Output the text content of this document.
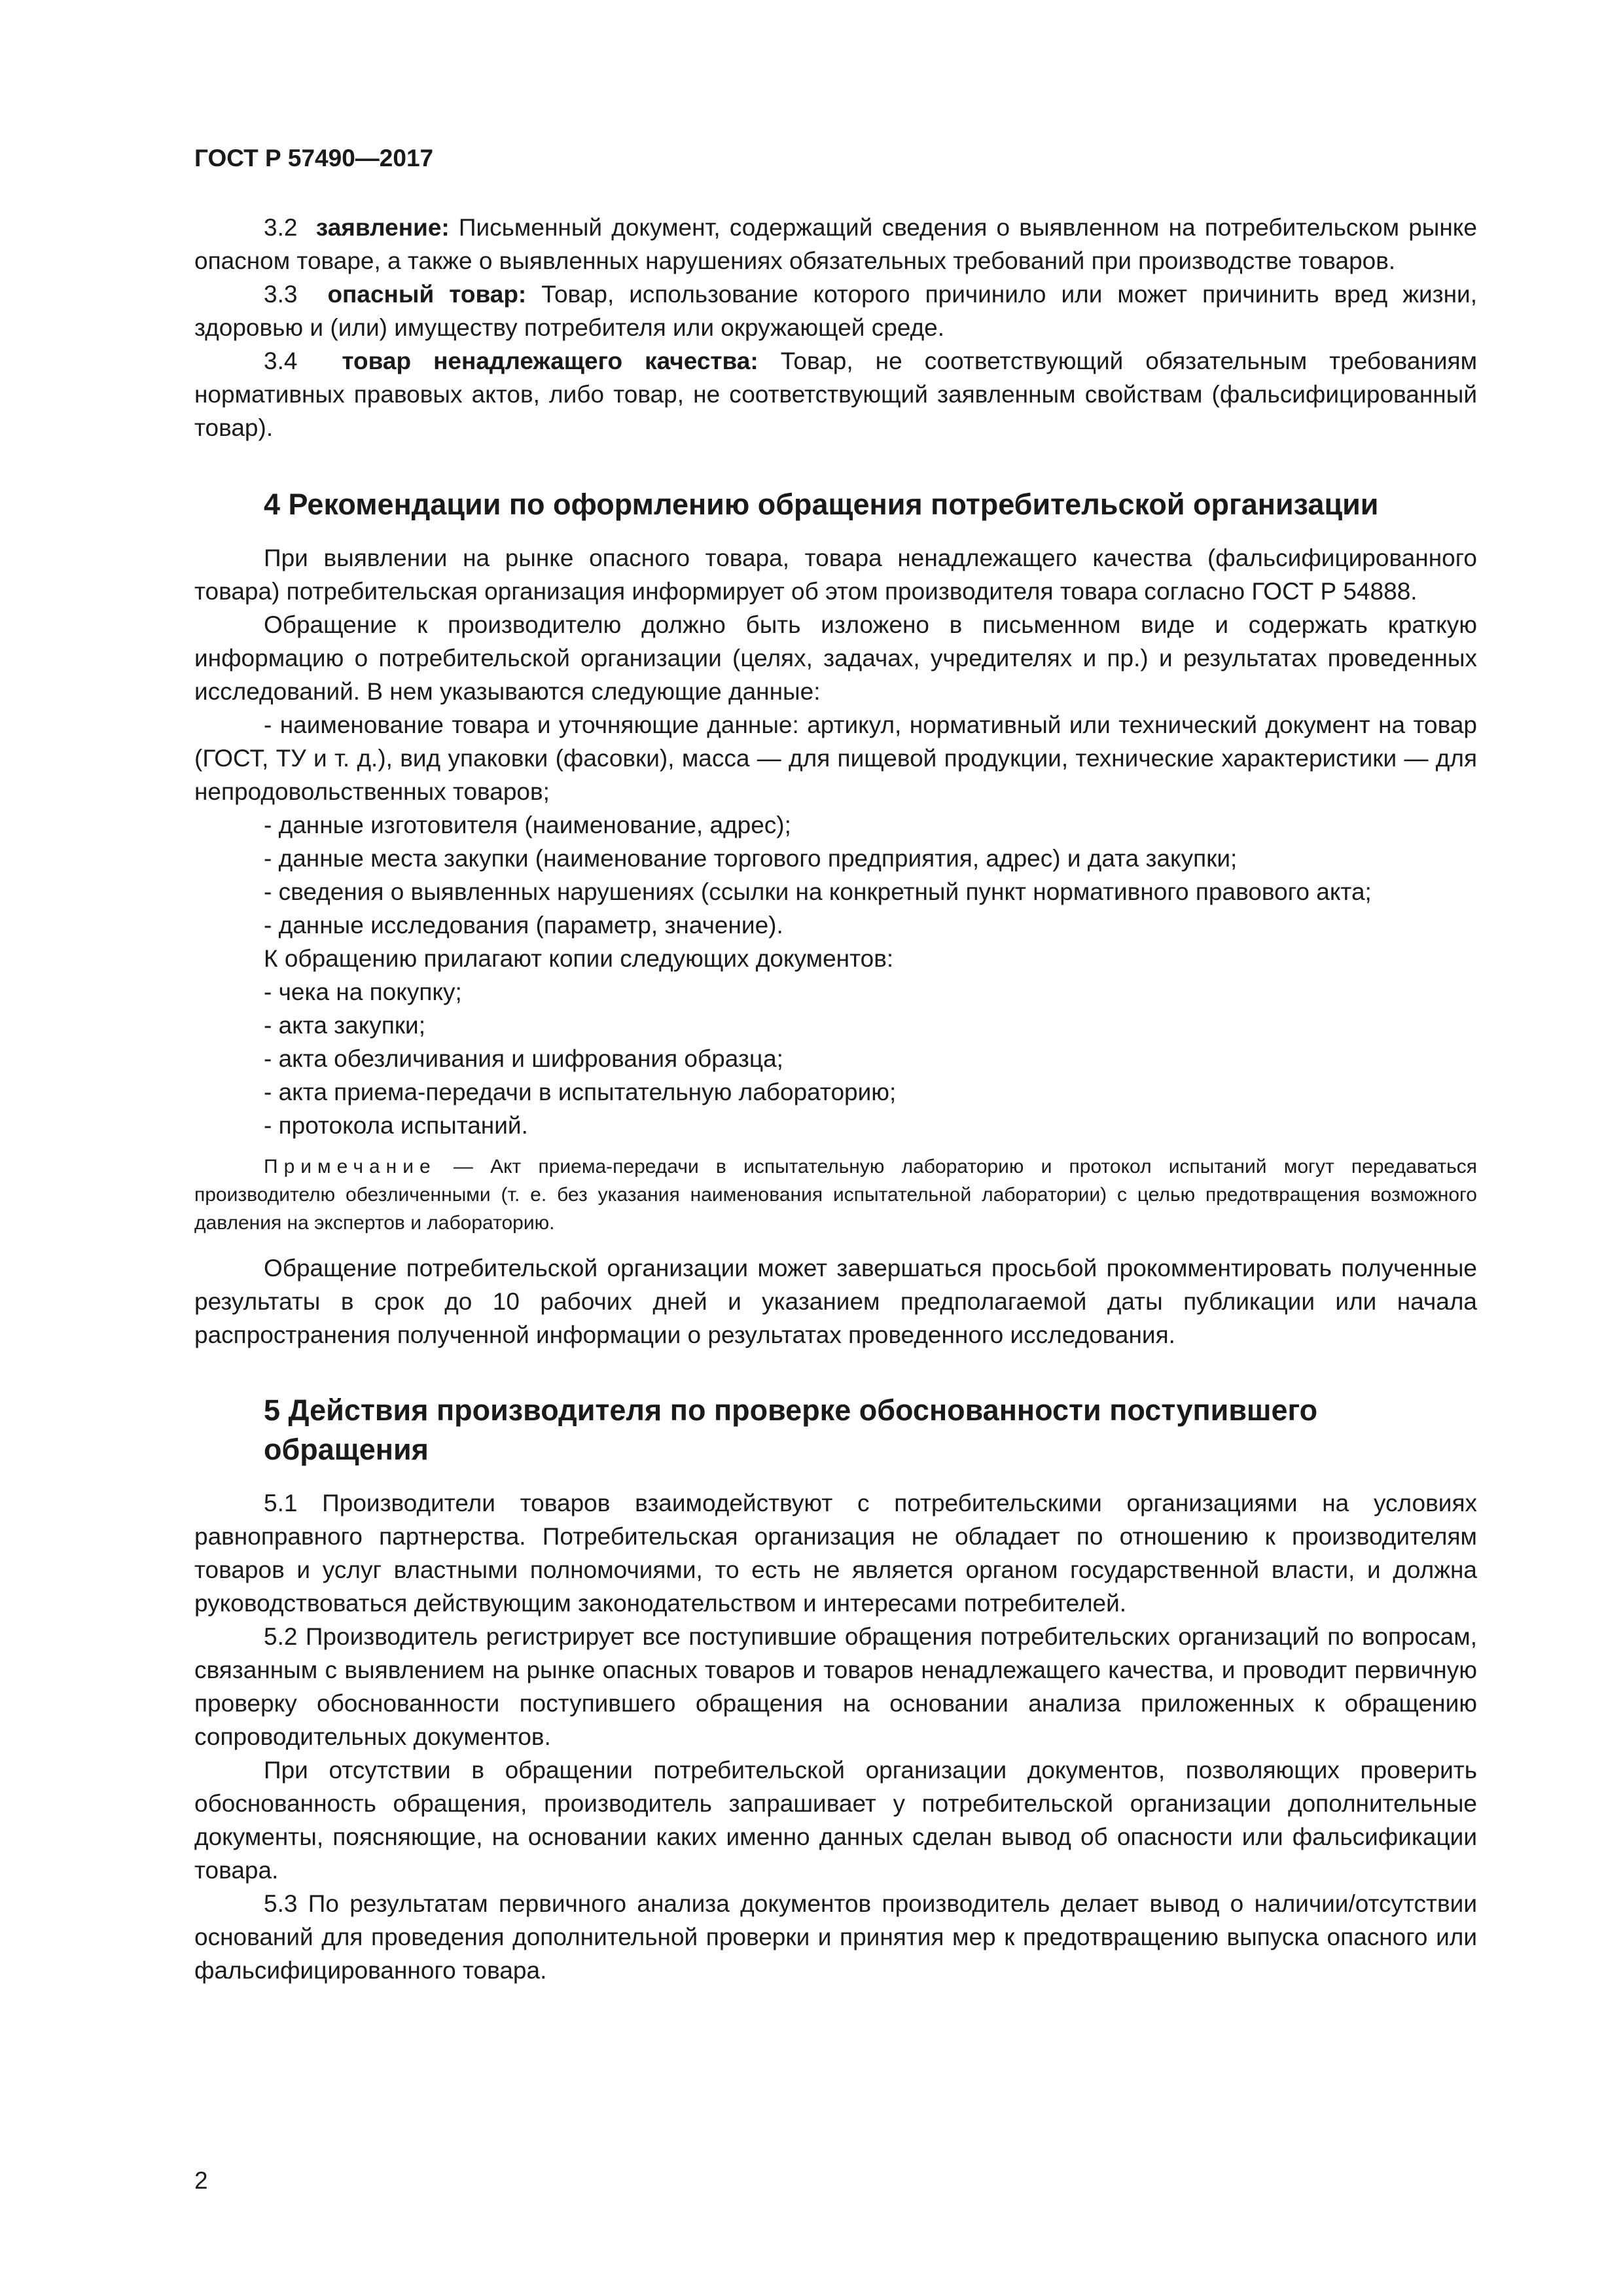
ГОСТ Р 57490—2017

3.2 заявление: Письменный документ, содержащий сведения о выявленном на потребительском рынке опасном товаре, а также о выявленных нарушениях обязательных требований при производстве товаров.

3.3 опасный товар: Товар, использование которого причинило или может причинить вред жизни, здоровью и (или) имуществу потребителя или окружающей среде.

3.4 товар ненадлежащего качества: Товар, не соответствующий обязательным требованиям нормативных правовых актов, либо товар, не соответствующий заявленным свойствам (фальсифицированный товар).

4 Рекомендации по оформлению обращения потребительской организации

При выявлении на рынке опасного товара, товара ненадлежащего качества (фальсифицированного товара) потребительская организация информирует об этом производителя товара согласно ГОСТ Р 54888.

Обращение к производителю должно быть изложено в письменном виде и содержать краткую информацию о потребительской организации (целях, задачах, учредителях и пр.) и результатах проведенных исследований. В нем указываются следующие данные:

- наименование товара и уточняющие данные: артикул, нормативный или технический документ на товар (ГОСТ, ТУ и т. д.), вид упаковки (фасовки), масса — для пищевой продукции, технические характеристики — для непродовольственных товаров;

- данные изготовителя (наименование, адрес);

- данные места закупки (наименование торгового предприятия, адрес) и дата закупки;

- сведения о выявленных нарушениях (ссылки на конкретный пункт нормативного правового акта;

- данные исследования (параметр, значение).

К обращению прилагают копии следующих документов:

- чека на покупку;

- акта закупки;

- акта обезличивания и шифрования образца;

- акта приема-передачи в испытательную лабораторию;

- протокола испытаний.

Примечание — Акт приема-передачи в испытательную лабораторию и протокол испытаний могут передаваться производителю обезличенными (т. е. без указания наименования испытательной лаборатории) с целью предотвращения возможного давления на экспертов и лабораторию.

Обращение потребительской организации может завершаться просьбой прокомментировать полученные результаты в срок до 10 рабочих дней и указанием предполагаемой даты публикации или начала распространения полученной информации о результатах проведенного исследования.

5 Действия производителя по проверке обоснованности поступившего обращения

5.1 Производители товаров взаимодействуют с потребительскими организациями на условиях равноправного партнерства. Потребительская организация не обладает по отношению к производителям товаров и услуг властными полномочиями, то есть не является органом государственной власти, и должна руководствоваться действующим законодательством и интересами потребителей.

5.2 Производитель регистрирует все поступившие обращения потребительских организаций по вопросам, связанным с выявлением на рынке опасных товаров и товаров ненадлежащего качества, и проводит первичную проверку обоснованности поступившего обращения на основании анализа приложенных к обращению сопроводительных документов.

При отсутствии в обращении потребительской организации документов, позволяющих проверить обоснованность обращения, производитель запрашивает у потребительской организации дополнительные документы, поясняющие, на основании каких именно данных сделан вывод об опасности или фальсификации товара.

5.3 По результатам первичного анализа документов производитель делает вывод о наличии/отсутствии оснований для проведения дополнительной проверки и принятия мер к предотвращению выпуска опасного или фальсифицированного товара.

2
